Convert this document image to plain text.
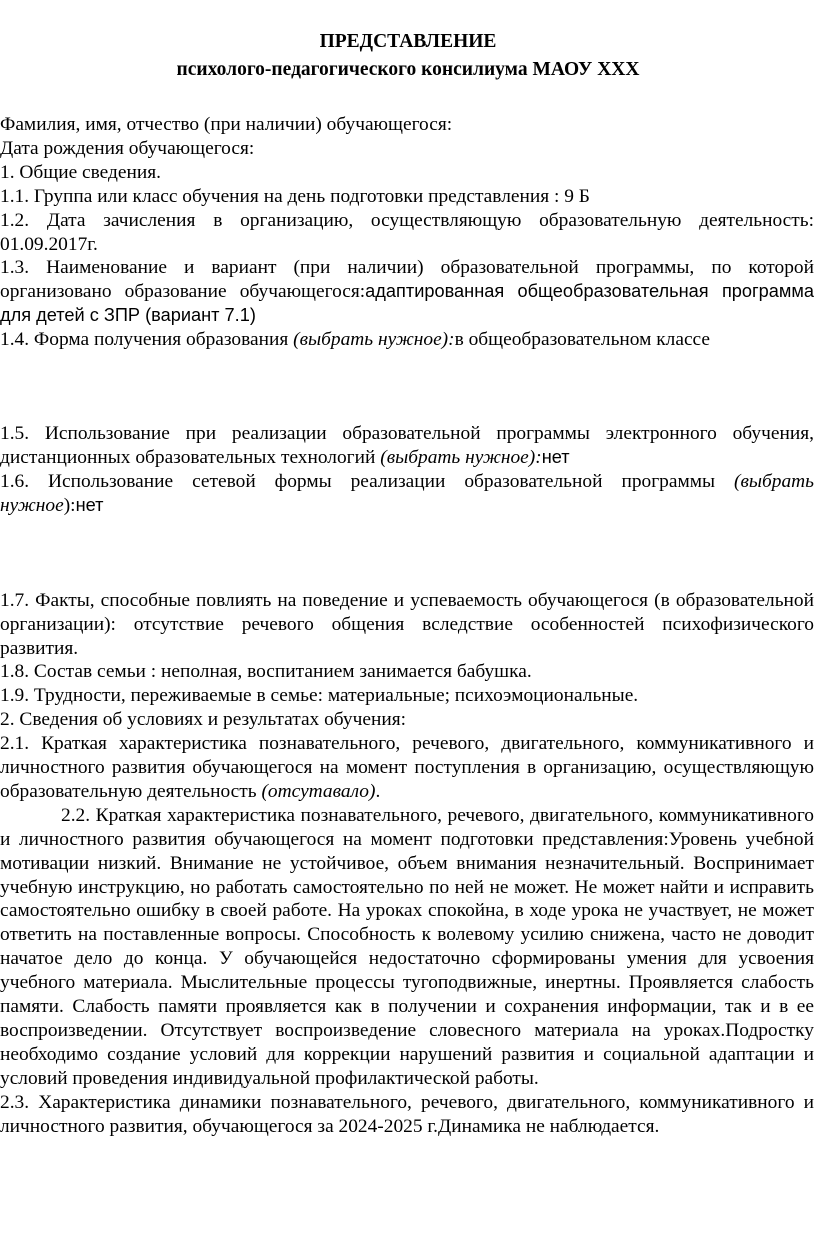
ПРЕДСТАВЛЕНИЕ
психолого-педагогического консилиума МАОУ ХХХ

Фамилия, имя, отчество (при наличии) обучающегося:

Дата рождения обучающегося:

1. Общие сведения.

1.1. Группа или класс обучения на день подготовки представления : 9 Б

1.2. Дата зачисления в организацию, осуществляющую образовательную деятельность: 01.09.2017г.

1.3. Наименование и вариант (при наличии) образовательной программы, по которой организовано образование обучающегося:адаптированная общеобразовательная программа для детей с ЗПР (вариант 7.1)

1.4. Форма получения образования (выбрать нужное):в общеобразовательном классе

1.5. Использование при реализации образовательной программы электронного обучения, дистанционных образовательных технологий (выбрать нужное):нет

1.6. Использование сетевой формы реализации образовательной программы (выбрать нужное):нет

1.7. Факты, способные повлиять на поведение и успеваемость обучающегося (в образовательной организации): отсутствие речевого общения вследствие особенностей психофизического развития.

1.8. Состав семьи : неполная, воспитанием занимается бабушка.

1.9. Трудности, переживаемые в семье: материальные; психоэмоциональные.

2. Сведения об условиях и результатах обучения:

2.1. Краткая характеристика познавательного, речевого, двигательного, коммуникативного и личностного развития обучающегося на момент поступления в организацию, осуществляющую образовательную деятельность (отсутавало).

2.2. Краткая характеристика познавательного, речевого, двигательного, коммуникативного и личностного развития обучающегося на момент подготовки представления:Уровень учебной мотивации низкий. Внимание не устойчивое, объем внимания незначительный. Воспринимает учебную инструкцию, но работать самостоятельно по ней не может. Не может найти и исправить самостоятельно ошибку в своей работе. На уроках спокойна, в ходе урока не участвует, не может ответить на поставленные вопросы. Способность к волевому усилию снижена, часто не доводит начатое дело до конца. У обучающейся недостаточно сформированы умения для усвоения учебного материала. Мыслительные процессы тугоподвижные, инертны. Проявляется слабость памяти. Слабость памяти проявляется как в получении и сохранения информации, так и в ее воспроизведении. Отсутствует воспроизведение словесного материала на уроках.Подростку необходимо создание условий для коррекции нарушений развития и социальной адаптации и условий проведения индивидуальной профилактической работы.

2.3. Характеристика динамики познавательного, речевого, двигательного, коммуникативного и личностного развития, обучающегося за 2024-2025 г.Динамика не наблюдается.
